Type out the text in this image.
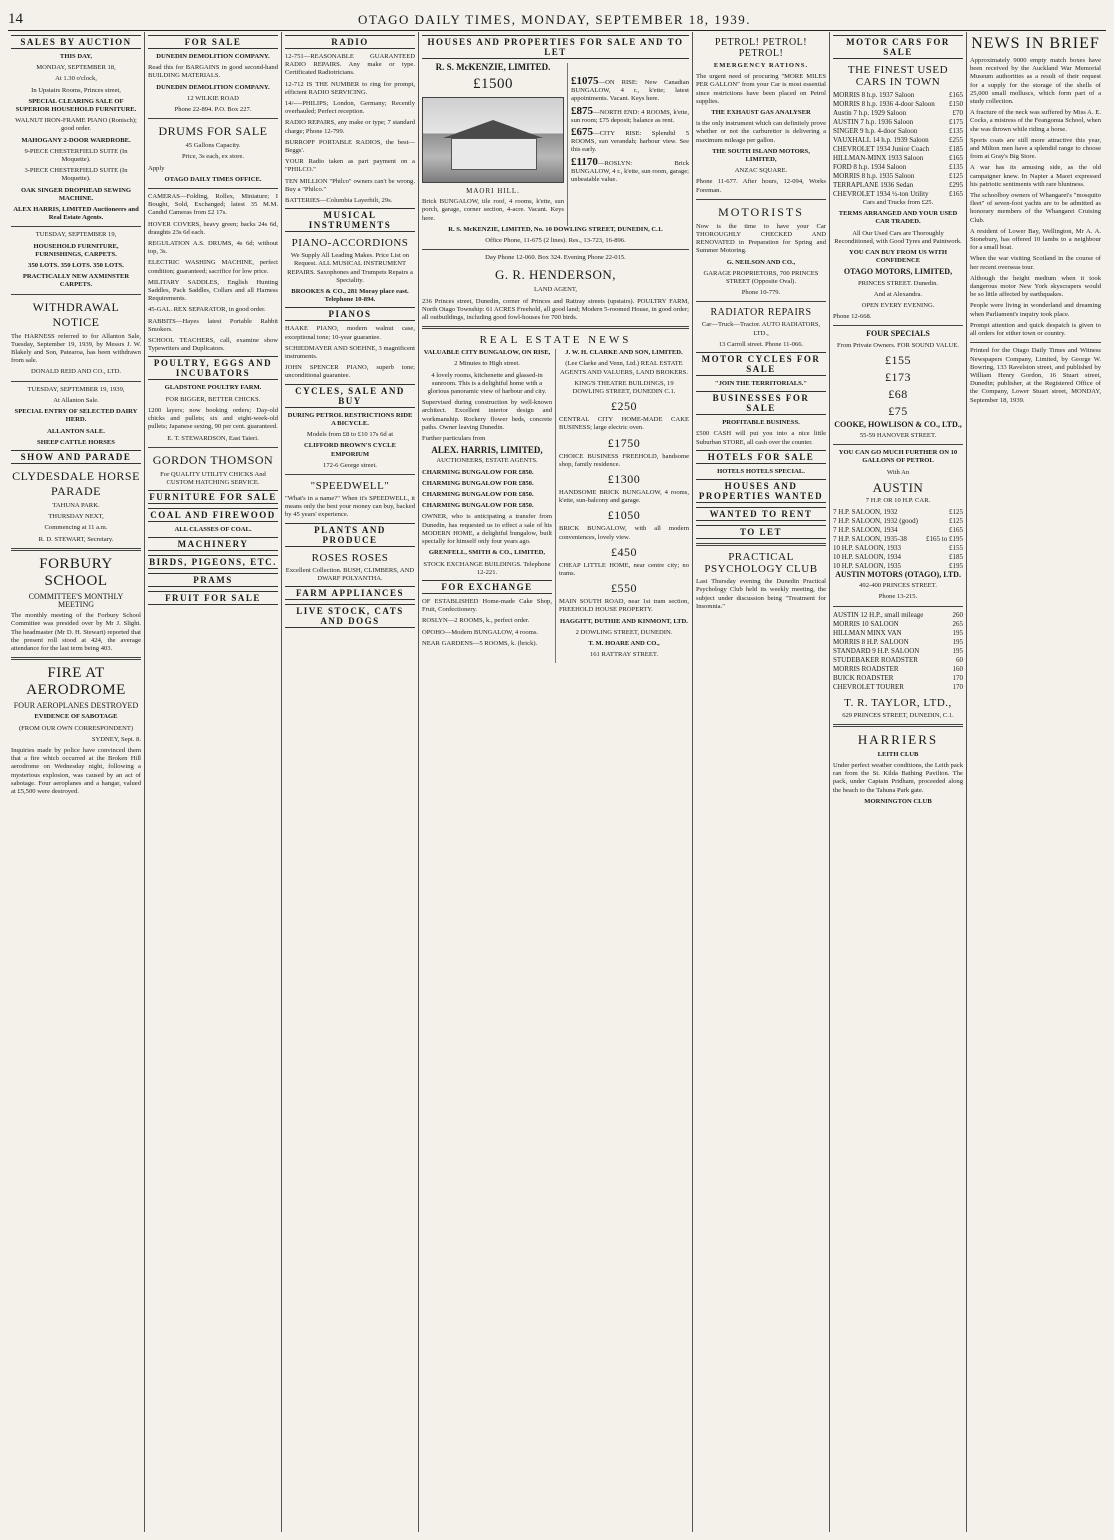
14	OTAGO DAILY TIMES, MONDAY, SEPTEMBER 18, 1939.
SALES BY AUCTION
THIS DAY,
MONDAY, SEPTEMBER 18,
At 1.30 o'clock,
In Upstairs Rooms, Princes street,
SPECIAL CLEARING SALE OF SUPERIOR HOUSEHOLD FURNITURE.
WALNUT IRON-FRAME PIANO (Ronisch); good order.
MAHOGANY 2-DOOR WARDROBE.
9-PIECE CHESTERFIELD SUITE (In Moquette).
3-PIECE CHESTERFIELD SUITE (In Moquette).
OAK SINGER DROPHEAD SEWING MACHINE.
ALEX HARRIS, LIMITED Auctioneers and Real Estate Agents.
TUESDAY, SEPTEMBER 19,
HOUSEHOLD FURNITURE, FURNISHINGS, CARPETS.
350 LOTS. 350 LOTS. 350 LOTS.
PRACTICALLY NEW AXMINSTER CARPETS.
WITHDRAWAL NOTICE
The HARNESS referred to for Allanton Sale, Tuesday, September 19, 1939, by Messrs J. W. Blakely and Son, Patearoa, has been withdrawn from sale.
DONALD REID AND CO., LTD.
TUESDAY, SEPTEMBER 19, 1939,
At Allanton Sale.
SPECIAL ENTRY OF SELECTED DAIRY HERD.
ALLANTON SALE.
SHEEP CATTLE HORSES
SHOW AND PARADE
CLYDESDALE HORSE PARADE
TAHUNA PARK.
THURSDAY NEXT,
Commencing at 11 a.m.
R. D. STEWART, Secretary.
FORBURY SCHOOL
COMMITTEE'S MONTHLY MEETING
The monthly meeting of the Forbury School Committee was presided over by Mr J. Slight. The headmaster (Mr D. H. Stewart) reported that the present roll stood at 424, the average attendance for the last term being 403.
FIRE AT AERODROME
FOUR AEROPLANES DESTROYED
EVIDENCE OF SABOTAGE
(FROM OUR OWN CORRESPONDENT)
SYDNEY, Sept. 8.
Inquiries made by police have convinced them that a fire which occurred at the Broken Hill aerodrome on Wednesday night, following a mysterious explosion, was caused by an act of sabotage. Four aeroplanes and a hangar, valued at £5,500 were destroyed.
FOR SALE
DUNEDIN DEMOLITION COMPANY.
Read this for BARGAINS in good second-hand BUILDING MATERIALS.
DUNEDIN DEMOLITION COMPANY.
12 WILKIE ROAD
Phone 22-894. P.O. Box 227.
DRUMS FOR SALE
45 Gallons Capacity.
Price, 3s each, ex store.
Apply
OTAGO DAILY TIMES OFFICE.
CAMERAS—Folding, Rollex, Miniature; I Bought, Sold, Exchanged; latest 35 M.M. Candid Cameras from £2 17s.
HOVER COVERS, heavy green; backs 24s 6d, draughts 23s 6d each.
REGULATION A.S. DRUMS, 4s 6d; without top, 3s.
ELECTRIC WASHING MACHINE, perfect condition; guaranteed; sacrifice for low price.
MILITARY SADDLES, English Hunting Saddles, Pack Saddles, Collars and all Harness Requirements.
45-GAL. REX SEPARATOR, in good order.
RABBITS—Hayes latest Portable Rabbit Smokers.
SCHOOL TEACHERS, call, examine show Typewriters and Duplicators.
POULTRY, EGGS AND INCUBATORS
GLADSTONE POULTRY FARM.
FOR BIGGER, BETTER CHICKS.
1200 layers; now booking orders; Day-old chicks and pullets; six and eight-week-old pullets; Japanese sexing, 90 per cent. guaranteed.
E. T. STEWARDSON, East Taieri.
GORDON THOMSON
For QUALITY UTILITY CHICKS And CUSTOM HATCHING SERVICE.
FURNITURE FOR SALE
COAL AND FIREWOOD
ALL CLASSES OF COAL.
MACHINERY
BIRDS, PIGEONS, ETC.
PRAMS
FRUIT FOR SALE
RADIO
12-751—REASONABLE GUARANTEED RADIO REPAIRS. Any make or type. Certificated Radiotricians.
12-712 IS THE NUMBER to ring for prompt, efficient RADIO SERVICING.
14/-—PHILIPS; London, Germany; Recently overhauled; Perfect reception.
RADIO REPAIRS, any make or type; 7 standard charge; Phone 12-799.
BURROPF PORTABLE RADIOS, the best—Beggs'.
YOUR Radio taken as part payment on a "PHILCO."
TEN MILLION "Philco" owners can't be wrong. Buy a "Philco."
BATTERIES—Columbia Layerbilt, 29s.
MUSICAL INSTRUMENTS
PIANO-ACCORDIONS
We Supply All Leading Makes. Price List on Request. ALL MUSICAL INSTRUMENT REPAIRS. Saxophones and Trumpets Repairs a Speciality.
BROOKES & CO., 281 Moray place east. Telephone 10-894.
PIANOS
HAAKE PIANO, modern walnut case, exceptional tone; 10-year guarantee.
SCHIEDMAYER AND SOEHNE, 3 magnificent instruments.
JOHN SPENCER PIANO, superb tone; unconditional guarantee.
CYCLES, SALE AND BUY
DURING PETROL RESTRICTIONS RIDE A BICYCLE.
Models from £8 to £10 17s 6d at
CLIFFORD BROWN'S CYCLE EMPORIUM
172-6 George street.
"SPEEDWELL"
"What's in a name?" When it's SPEEDWELL, it means only the best your money can buy, backed by 45 years' experience.
PLANTS AND PRODUCE
ROSES ROSES
Excellent Collection. BUSH, CLIMBERS, AND DWARF POLYANTHA.
FARM APPLIANCES
LIVE STOCK, CATS AND DOGS
HOUSES AND PROPERTIES FOR SALE AND TO LET
R. S. McKENZIE, LIMITED.
£1500
MAORI HILL.
Brick BUNGALOW, tile roof, 4 rooms, k'ette, sun porch, garage, corner section, 4-acre. Vacant. Keys here.
£1075—ON RISE: New Canadian BUNGALOW, 4 r., k'ette; latest appointments. Vacant. Keys here.
£875—NORTH END: 4 ROOMS, k'ette, sun room; £75 deposit; balance as rent.
£675—CITY RISE: Splendid 5 ROOMS, sun verandah; harbour view. See this early.
£1170—ROSLYN: Brick BUNGALOW, 4 r., k'ette, sun room, garage; unbeatable value.
R. S. McKENZIE, LIMITED, No. 10 DOWLING STREET, DUNEDIN, C.1.
Office Phone, 11-675 (2 lines). Res., 13-723, 16-896.
Day Phone 12-060. Box 324. Evening Phone 22-015.
G. R. HENDERSON,
LAND AGENT,
236 Princes street, Dunedin, corner of Princes and Rattray streets (upstairs). POULTRY FARM, North Otago Township: 61 ACRES Freehold, all good land; Modern 5-roomed House, in good order; all outbuildings, including good fowl-houses for 700 birds.
REAL ESTATE NEWS
VALUABLE CITY BUNGALOW, ON RISE,
2 Minutes to High street.
4 lovely rooms, kitchenette and glassed-in sunroom. This is a delightful home with a glorious panoramic view of harbour and city.
Supervised during construction by well-known architect. Excellent interior design and workmanship. Rockery flower beds, concrete paths. Owner leaving Dunedin.
Further particulars from
ALEX. HARRIS, LIMITED,
AUCTIONEERS, ESTATE AGENTS.
CHARMING BUNGALOW FOR £850.
CHARMING BUNGALOW FOR £850.
CHARMING BUNGALOW FOR £850.
CHARMING BUNGALOW FOR £850.
OWNER, who is anticipating a transfer from Dunedin, has requested us to effect a sale of his MODERN HOME, a delightful bungalow, built specially for himself only four years ago.
GRENFELL, SMITH & CO., LIMITED,
STOCK EXCHANGE BUILDINGS. Telephone 12-221.
FOR EXCHANGE
OF ESTABLISHED Home-made Cake Shop, Fruit, Confectionery.
ROSLYN—2 ROOMS, k., perfect order.
OPOHO—Modern BUNGALOW, 4 rooms.
NEAR GARDENS—5 ROOMS, k. (brick).
J. W. H. CLARKE AND SON, LIMITED.
(Lee Clarke and Venn, Ltd.) REAL ESTATE AGENTS AND VALUERS, LAND BROKERS.
KING'S THEATRE BUILDINGS, 19 DOWLING STREET, DUNEDIN C.1.
£250
CENTRAL CITY HOME-MADE CAKE BUSINESS; large electric oven.
£1750
CHOICE BUSINESS FREEHOLD, handsome shop, family residence.
£1300
HANDSOME BRICK BUNGALOW, 4 rooms, k'ette, sun-balcony and garage.
£1050
BRICK BUNGALOW, with all modern conveniences, lovely view.
£450
CHEAP LITTLE HOME, near centre city; no trams.
£550
MAIN SOUTH ROAD, near 1st tram section, FREEHOLD HOUSE PROPERTY.
HAGGITT, DUTHIE AND KINMONT, LTD.
2 DOWLING STREET, DUNEDIN.
T. M. HOARE AND CO.,
161 RATTRAY STREET.
PETROL! PETROL! PETROL!
EMERGENCY RATIONS.
The urgent need of procuring "MORE MILES PER GALLON" from your Car is most essential since restrictions have been placed on Petrol supplies.
THE EXHAUST GAS ANALYSER
is the only instrument which can definitely prove whether or not the carburettor is delivering a maximum mileage per gallon.
THE SOUTH ISLAND MOTORS, LIMITED,
ANZAC SQUARE.
Phone 11-677. After hours, 12-094, Works Foreman.
MOTORISTS
Now is the time to have your Car THOROUGHLY CHECKED AND RENOVATED in Preparation for Spring and Summer Motoring.
G. NEILSON AND CO.,
GARAGE PROPRIETORS, 700 PRINCES STREET (Opposite Oval).
Phone 10-779.
RADIATOR REPAIRS
Car—Truck—Tractor. AUTO RADIATORS, LTD.,
13 Carroll street. Phone 11-066.
MOTOR CYCLES FOR SALE
"JOIN THE TERRITORIALS."
BUSINESSES FOR SALE
PROFITABLE BUSINESS.
£500 CASH will put you into a nice little Suburban STORE, all cash over the counter.
HOTELS FOR SALE
HOTELS HOTELS SPECIAL.
HOUSES AND PROPERTIES WANTED
WANTED TO RENT
TO LET
PRACTICAL PSYCHOLOGY CLUB
Last Thursday evening the Dunedin Practical Psychology Club held its weekly meeting, the subject under discussion being "Treatment for Insomnia."
MOTOR CARS FOR SALE
THE FINEST USED CARS IN TOWN
MORRIS 8 h.p. 1937 Saloon	£165
MORRIS 8 h.p. 1936 4-door Saloon	£150
Austin 7 h.p. 1929 Saloon	£70
AUSTIN 7 h.p. 1936 Saloon	£175
SINGER 9 h.p. 4-door Saloon	£135
VAUXHALL 14 h.p. 1939 Saloon	£255
CHEVROLET 1934 Junior Coach	£185
HILLMAN-MINX 1933 Saloon	£165
FORD 8 h.p. 1934 Saloon	£135
MORRIS 8 h.p. 1935 Saloon	£125
TERRAPLANE 1936 Sedan	£295
CHEVROLET 1934 ½-ton Utility	£165
Cars and Trucks from £25.
TERMS ARRANGED AND YOUR USED CAR TRADED.
All Our Used Cars are Thoroughly Reconditioned, with Good Tyres and Paintwork.
YOU CAN BUY FROM US WITH CONFIDENCE
OTAGO MOTORS, LIMITED,
PRINCES STREET. Dunedin.
And at Alexandra.
OPEN EVERY EVENING.
Phone 12-668.
FOUR SPECIALS
From Private Owners. FOR SOUND VALUE.
£155
£173
£68
£75
COOKE, HOWLISON & CO., LTD.,
55-59 HANOVER STREET.
YOU CAN GO MUCH FURTHER ON 10 GALLONS OF PETROL
With An
AUSTIN
7 H.P. OR 10 H.P. CAR.
7 H.P. SALOON, 1932	£125
7 H.P. SALOON, 1932 (good)	£125
7 H.P. SALOON, 1934	£165
7 H.P. SALOON, 1935-38	£165 to £195
10 H.P. SALOON, 1933	£155
10 H.P. SALOON, 1934	£185
10 H.P. SALOON, 1935	£195
AUSTIN MOTORS (OTAGO), LTD.
492-400 PRINCES STREET.
Phone 13-215.
AUSTIN 12 H.P., small mileage	260
MORRIS 10 SALOON	265
HILLMAN MINX VAN	195
MORRIS 8 H.P. SALOON	195
STANDARD 9 H.P. SALOON	195
STUDEBAKER ROADSTER	60
MORRIS ROADSTER	160
BUICK ROADSTER	170
CHEVROLET TOURER	170
T. R. TAYLOR, LTD.,
629 PRINCES STREET, DUNEDIN, C.1.
HARRIERS
LEITH CLUB
Under perfect weather conditions, the Leith pack ran from the St. Kilda Bathing Pavilion. The pack, under Captain Pridham, proceeded along the beach to the Tahuna Park gate.
MORNINGTON CLUB
NEWS IN BRIEF
Approximately 9000 empty match boxes have been received by the Auckland War Memorial Museum authorities as a result of their request for a supply for the storage of the shells of 25,000 small molluscs, which form part of a study collection.
A fracture of the neck was suffered by Miss A. E. Cocks, a mistress of the Feangonua School, when she was thrown while riding a horse.
Sports coats are still more attractive this year, and Milton men have a splendid range to choose from at Gray's Big Store.
A war has its amusing side, as the old campaigner knew. In Napier a Maori expressed his patriotic sentiments with rare bluntness.
The schoolboy owners of Whangarei's "mosquito fleet" of seven-foot yachts are to be admitted as honorary members of the Whangarei Cruising Club.
A resident of Lower Bay, Wellington, Mr A. A. Stonebury, has offered 10 lambs to a neighbour for a small boat.
When the war visiting Scotland in the course of her recent overseas tour.
Although the height medium when it took dangerous motor New York skyscrapers would be so little affected by earthquakes.
People were living in wonderland and dreaming when Parliament's inquiry took place.
Prompt attention and quick despatch is given to all orders for either town or country.
Printed for the Otago Daily Times and Witness Newspapers Company, Limited, by George W. Bowring, 133 Ravelston street, and published by William Henry Gordon, 16 Stuart street, Dunedin; publisher, at the Registered Office of the Company, Lower Stuart street, MONDAY, September 18, 1939.
